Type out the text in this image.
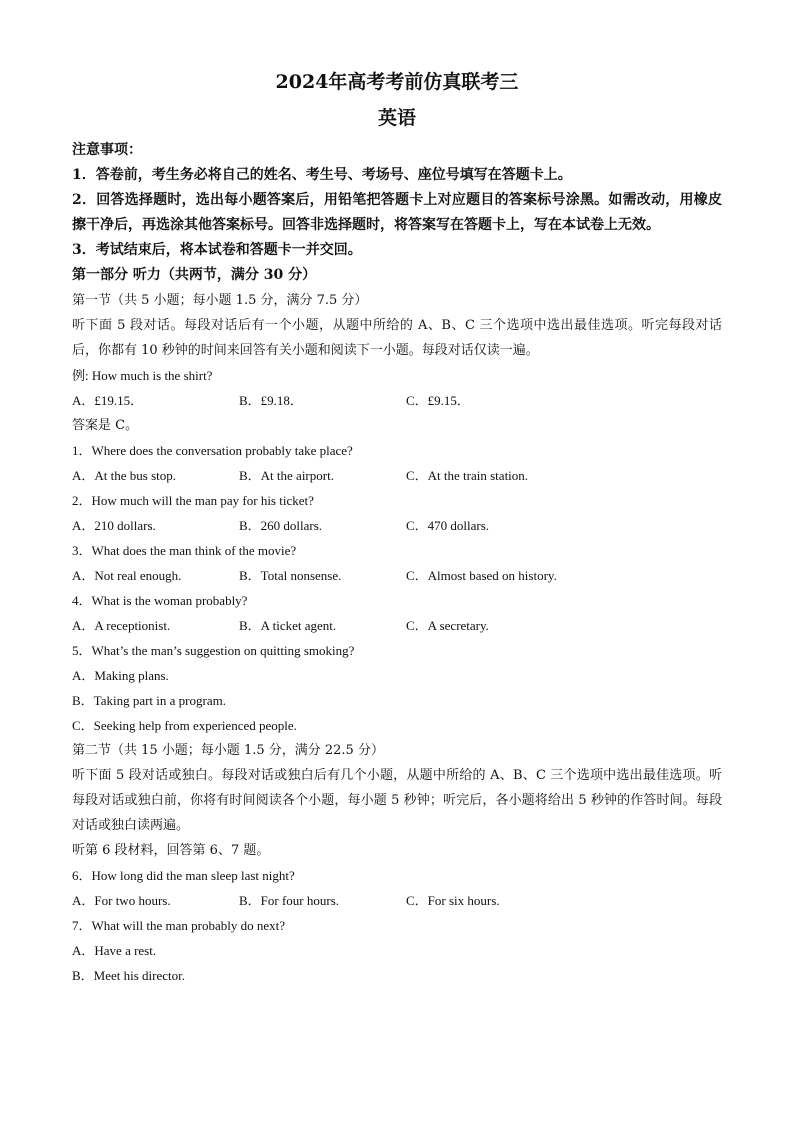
2024年高考考前仿真联考三
英语
注意事项：
1．答卷前，考生务必将自己的姓名、考生号、考场号、座位号填写在答题卡上。
2．回答选择题时，选出每小题答案后，用铅笔把答题卡上对应题目的答案标号涂黑。如需改动，用橡皮擦干净后，再选涂其他答案标号。回答非选择题时，将答案写在答题卡上，写在本试卷上无效。
3．考试结束后，将本试卷和答题卡一并交回。
第一部分 听力（共两节，满分 30 分）
第一节（共 5 小题；每小题 1.5 分，满分 7.5 分）
听下面 5 段对话。每段对话后有一个小题，从题中所给的 A、B、C 三个选项中选出最佳选项。听完每段对话后，你都有 10 秒钟的时间来回答有关小题和阅读下一小题。每段对话仅读一遍。
例: How much is the shirt?
A．£19.15．	B．£9.18．	C．£9.15．
答案是 C。
1．Where does the conversation probably take place?
A．At the bus stop.	B．At the airport.	C．At the train station.
2．How much will the man pay for his ticket?
A．210 dollars.	B．260 dollars.	C．470 dollars.
3．What does the man think of the movie?
A．Not real enough.	B．Total nonsense.	C．Almost based on history.
4．What is the woman probably?
A．A receptionist.	B．A ticket agent.	C．A secretary.
5．What’s the man’s suggestion on quitting smoking?
A．Making plans.
B．Taking part in a program.
C．Seeking help from experienced people.
第二节（共 15 小题；每小题 1.5 分，满分 22.5 分）
听下面 5 段对话或独白。每段对话或独白后有几个小题，从题中所给的 A、B、C 三个选项中选出最佳选项。听每段对话或独白前，你将有时间阅读各个小题，每小题 5 秒钟；听完后，各小题将给出 5 秒钟的作答时间。每段对话或独白读两遍。
听第 6 段材料，回答第 6、7 题。
6．How long did the man sleep last night?
A．For two hours.	B．For four hours.	C．For six hours.
7．What will the man probably do next?
A．Have a rest.
B．Meet his director.
